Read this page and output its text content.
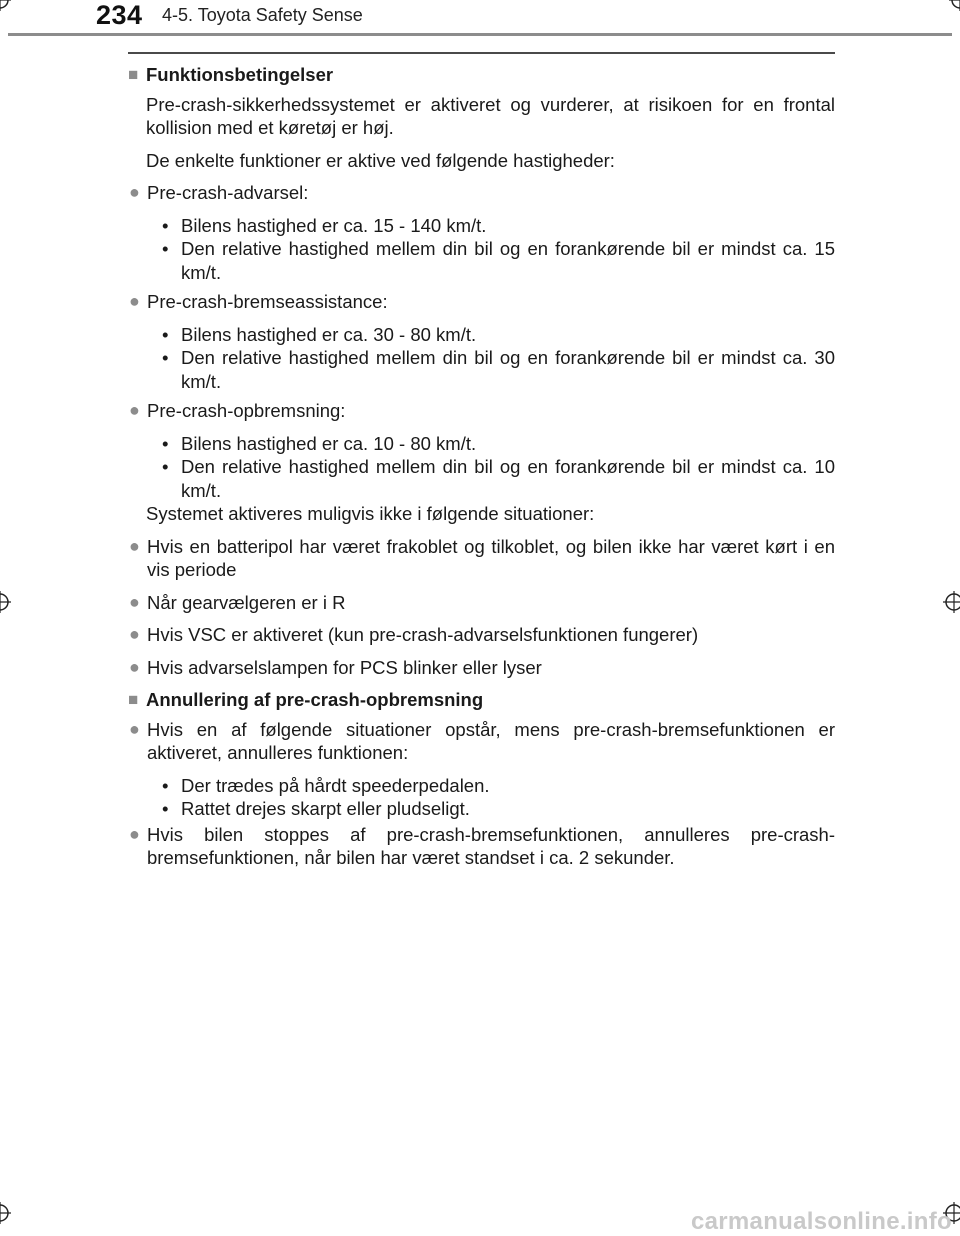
234 4-5. Toyota Safety Sense
■ Funktionsbetingelser
Pre-crash-sikkerhedssystemet er aktiveret og vurderer, at risikoen for en frontal kollision med et køretøj er høj.
De enkelte funktioner er aktive ved følgende hastigheder:
● Pre-crash-advarsel:
• Bilens hastighed er ca. 15 - 140 km/t.
• Den relative hastighed mellem din bil og en forankørende bil er mindst ca. 15 km/t.
● Pre-crash-bremseassistance:
• Bilens hastighed er ca. 30 - 80 km/t.
• Den relative hastighed mellem din bil og en forankørende bil er mindst ca. 30 km/t.
● Pre-crash-opbremsning:
• Bilens hastighed er ca. 10 - 80 km/t.
• Den relative hastighed mellem din bil og en forankørende bil er mindst ca. 10 km/t.
Systemet aktiveres muligvis ikke i følgende situationer:
● Hvis en batteripol har været frakoblet og tilkoblet, og bilen ikke har været kørt i en vis periode
● Når gearvælgeren er i R
● Hvis VSC er aktiveret (kun pre-crash-advarselsfunktionen fungerer)
● Hvis advarselslampen for PCS blinker eller lyser
■ Annullering af pre-crash-opbremsning
● Hvis en af følgende situationer opstår, mens pre-crash-bremsefunktionen er aktiveret, annulleres funktionen:
• Der trædes på hårdt speederpedalen.
• Rattet drejes skarpt eller pludseligt.
● Hvis bilen stoppes af pre-crash-bremsefunktionen, annulleres pre-crash-bremsefunktionen, når bilen har været standset i ca. 2 sekunder.
carmanualsonline.info
